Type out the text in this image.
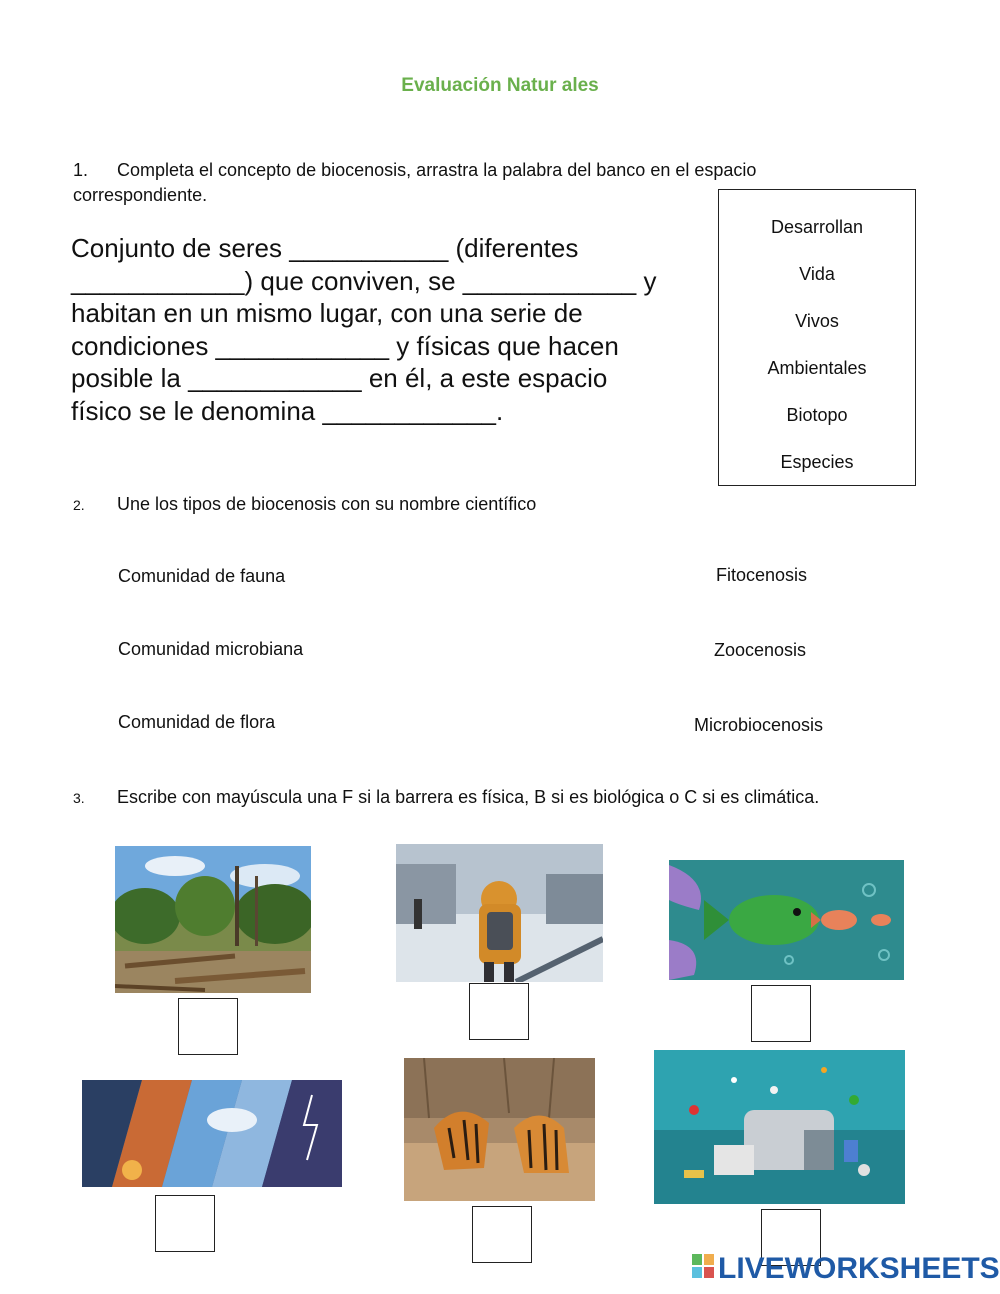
Evaluación Natur ales
1. Completa el concepto de biocenosis, arrastra la palabra del banco en el espacio
correspondiente.
Conjunto de seres ___________ (diferentes
____________) que conviven, se ____________ y
habitan en un mismo lugar, con una serie de
condiciones ____________ y físicas que hacen
posible la ____________ en él, a este espacio
físico se le denomina ____________.
Desarrollan
Vida
Vivos
Ambientales
Biotopo
Especies
2. Une los tipos de biocenosis con su nombre científico
Comunidad de fauna
Comunidad microbiana
Comunidad de flora
Fitocenosis
Zoocenosis
Microbiocenosis
3. Escribe con mayúscula una F si la barrera es física, B si es biológica o C si es climática.
LIVEWORKSHEETS
